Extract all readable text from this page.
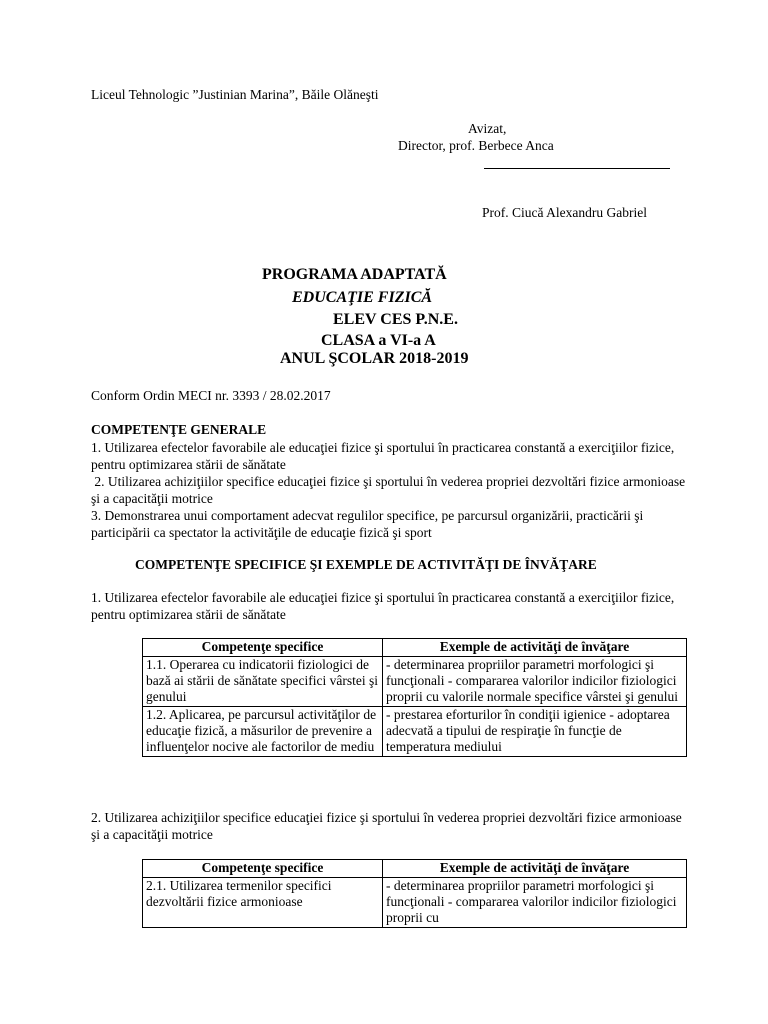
Liceul Tehnologic ”Justinian Marina”, Băile Olăneşti
Avizat,
Director, prof. Berbece Anca
Prof. Ciucă Alexandru Gabriel
PROGRAMA ADAPTATĂ
EDUCAŢIE FIZICĂ
ELEV CES P.N.E.
CLASA a VI-a A
ANUL ŞCOLAR 2018-2019
Conform Ordin MECI nr. 3393 / 28.02.2017
COMPETENŢE GENERALE
1. Utilizarea efectelor favorabile ale educaţiei fizice şi sportului în practicarea constantă a exerciţiilor fizice, pentru optimizarea stării de sănătate
2. Utilizarea achiziţiilor specifice educaţiei fizice şi sportului în vederea propriei dezvoltări fizice armonioase şi a capacităţii motrice
3. Demonstrarea unui comportament adecvat regulilor specifice, pe parcursul organizării, practicării şi participării ca spectator la activităţile de educaţie fizică şi sport
COMPETENŢE SPECIFICE ŞI EXEMPLE DE ACTIVITĂŢI DE ÎNVĂŢARE
1. Utilizarea efectelor favorabile ale educaţiei fizice şi sportului în practicarea constantă a exerciţiilor fizice, pentru optimizarea stării de sănătate
Competenţe specifice	Exemple de activităţi de învăţare
1.1. Operarea cu indicatorii fiziologici de bază ai stării de sănătate specifici vârstei şi genului	- determinarea propriilor parametri morfologici şi funcţionali - compararea valorilor indicilor fiziologici proprii cu valorile normale specifice vârstei şi genului
1.2. Aplicarea, pe parcursul activităţilor de educaţie fizică, a măsurilor de prevenire a influenţelor nocive ale factorilor de mediu	- prestarea eforturilor în condiţii igienice - adoptarea adecvată a tipului de respiraţie în funcţie de temperatura mediului
2. Utilizarea achiziţiilor specifice educaţiei fizice şi sportului în vederea propriei dezvoltări fizice armonioase şi a capacităţii motrice
Competenţe specifice	Exemple de activităţi de învăţare
2.1. Utilizarea termenilor specifici dezvoltării fizice armonioase	- determinarea propriilor parametri morfologici şi funcţionali - compararea valorilor indicilor fiziologici proprii cu
